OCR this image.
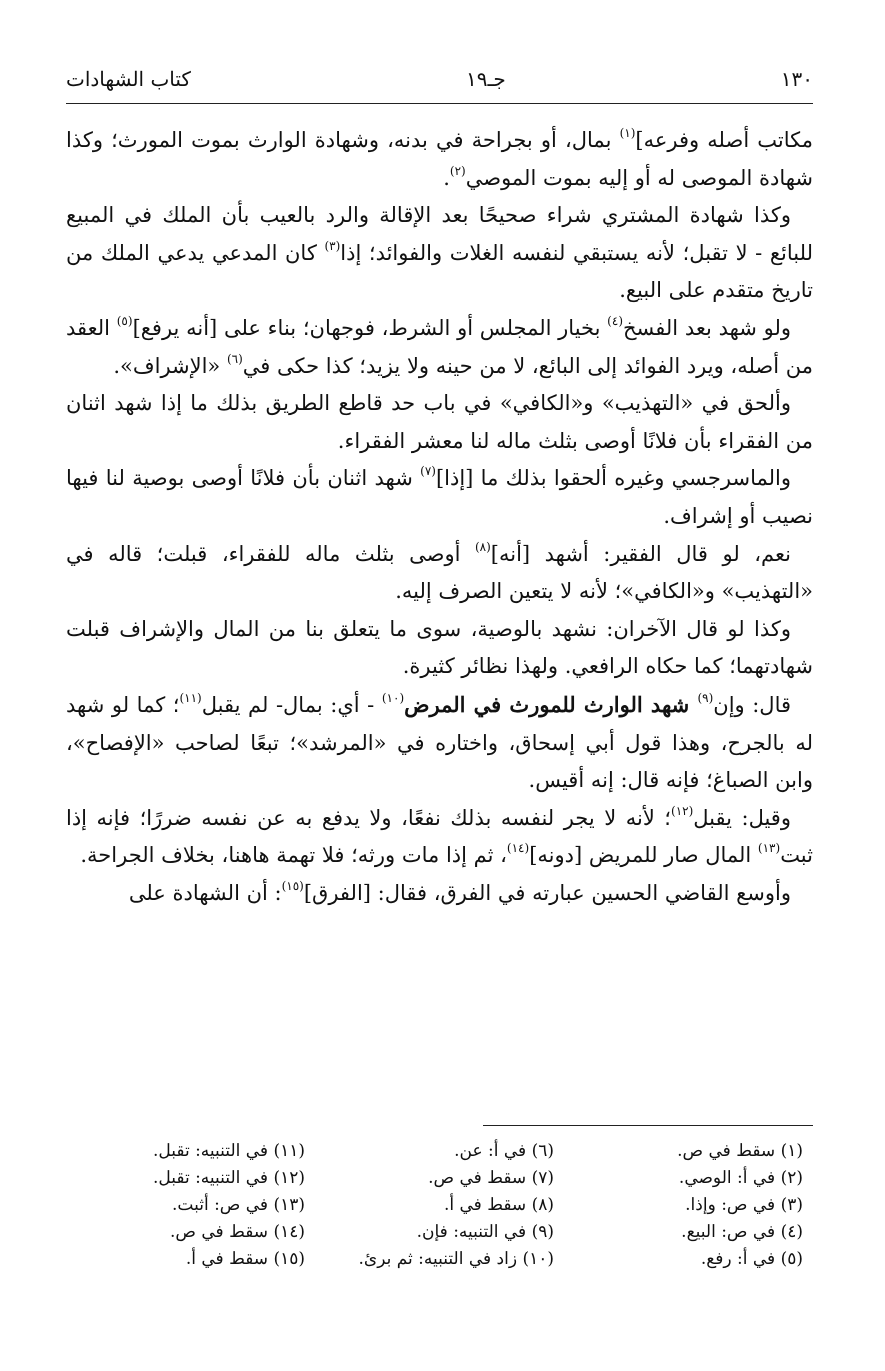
١٣٠
جـ١٩
كتاب الشهادات

مكاتب أصله وفرعه]$^{(١)}$ بمال، أو بجراحة في بدنه، وشهادة الوارث بموت المورث؛ وكذا شهادة الموصى له أو إليه بموت الموصي$^{(٢)}$.

وكذا شهادة المشتري شراء صحيحًا بعد الإقالة والرد بالعيب بأن الملك في المبيع للبائع - لا تقبل؛ لأنه يستبقي لنفسه الغلات والفوائد؛ إذا$^{(٣)}$ كان المدعي يدعي الملك من تاريخ متقدم على البيع.

ولو شهد بعد الفسخ$^{(٤)}$ بخيار المجلس أو الشرط، فوجهان؛ بناء على [أنه يرفع]$^{(٥)}$ العقد من أصله، ويرد الفوائد إلى البائع، لا من حينه ولا يزيد؛ كذا حكى في$^{(٦)}$ «الإشراف».

وألحق في «التهذيب» و«الكافي» في باب حد قاطع الطريق بذلك ما إذا شهد اثنان من الفقراء بأن فلانًا أوصى بثلث ماله لنا معشر الفقراء.

والماسرجسي وغيره ألحقوا بذلك ما [إذا]$^{(٧)}$ شهد اثنان بأن فلانًا أوصى بوصية لنا فيها نصيب أو إشراف.

نعم، لو قال الفقير: أشهد [أنه]$^{(٨)}$ أوصى بثلث ماله للفقراء، قبلت؛ قاله في «التهذيب» و«الكافي»؛ لأنه لا يتعين الصرف إليه.

وكذا لو قال الآخران: نشهد بالوصية، سوى ما يتعلق بنا من المال والإشراف قبلت شهادتهما؛ كما حكاه الرافعي. ولهذا نظائر كثيرة.

قال: وإن$^{(٩)}$ شهد الوارث للمورث في المرض$^{(١٠)}$ - أي: بمال- لم يقبل$^{(١١)}$؛ كما لو شهد له بالجرح، وهذا قول أبي إسحاق، واختاره في «المرشد»؛ تبعًا لصاحب «الإفصاح»، وابن الصباغ؛ فإنه قال: إنه أقيس.

وقيل: يقبل$^{(١٢)}$؛ لأنه لا يجر لنفسه بذلك نفعًا، ولا يدفع به عن نفسه ضررًا؛ فإنه إذا ثبت$^{(١٣)}$ المال صار للمريض [دونه]$^{(١٤)}$، ثم إذا مات ورثه؛ فلا تهمة هاهنا، بخلاف الجراحة.

وأوسع القاضي الحسين عبارته في الفرق، فقال: [الفرق]$^{(١٥)}$: أن الشهادة على

(١) سقط في ص.
(٢) في أ: الوصي.
(٣) في ص: وإذا.
(٤) في ص: البيع.
(٥) في أ: رفع.
(٦) في أ: عن.
(٧) سقط في ص.
(٨) سقط في أ.
(٩) في التنبيه: فإن.
(١٠) زاد في التنبيه: ثم برئ.
(١١) في التنبيه: تقبل.
(١٢) في التنبيه: تقبل.
(١٣) في ص: أثبت.
(١٤) سقط في ص.
(١٥) سقط في أ.
